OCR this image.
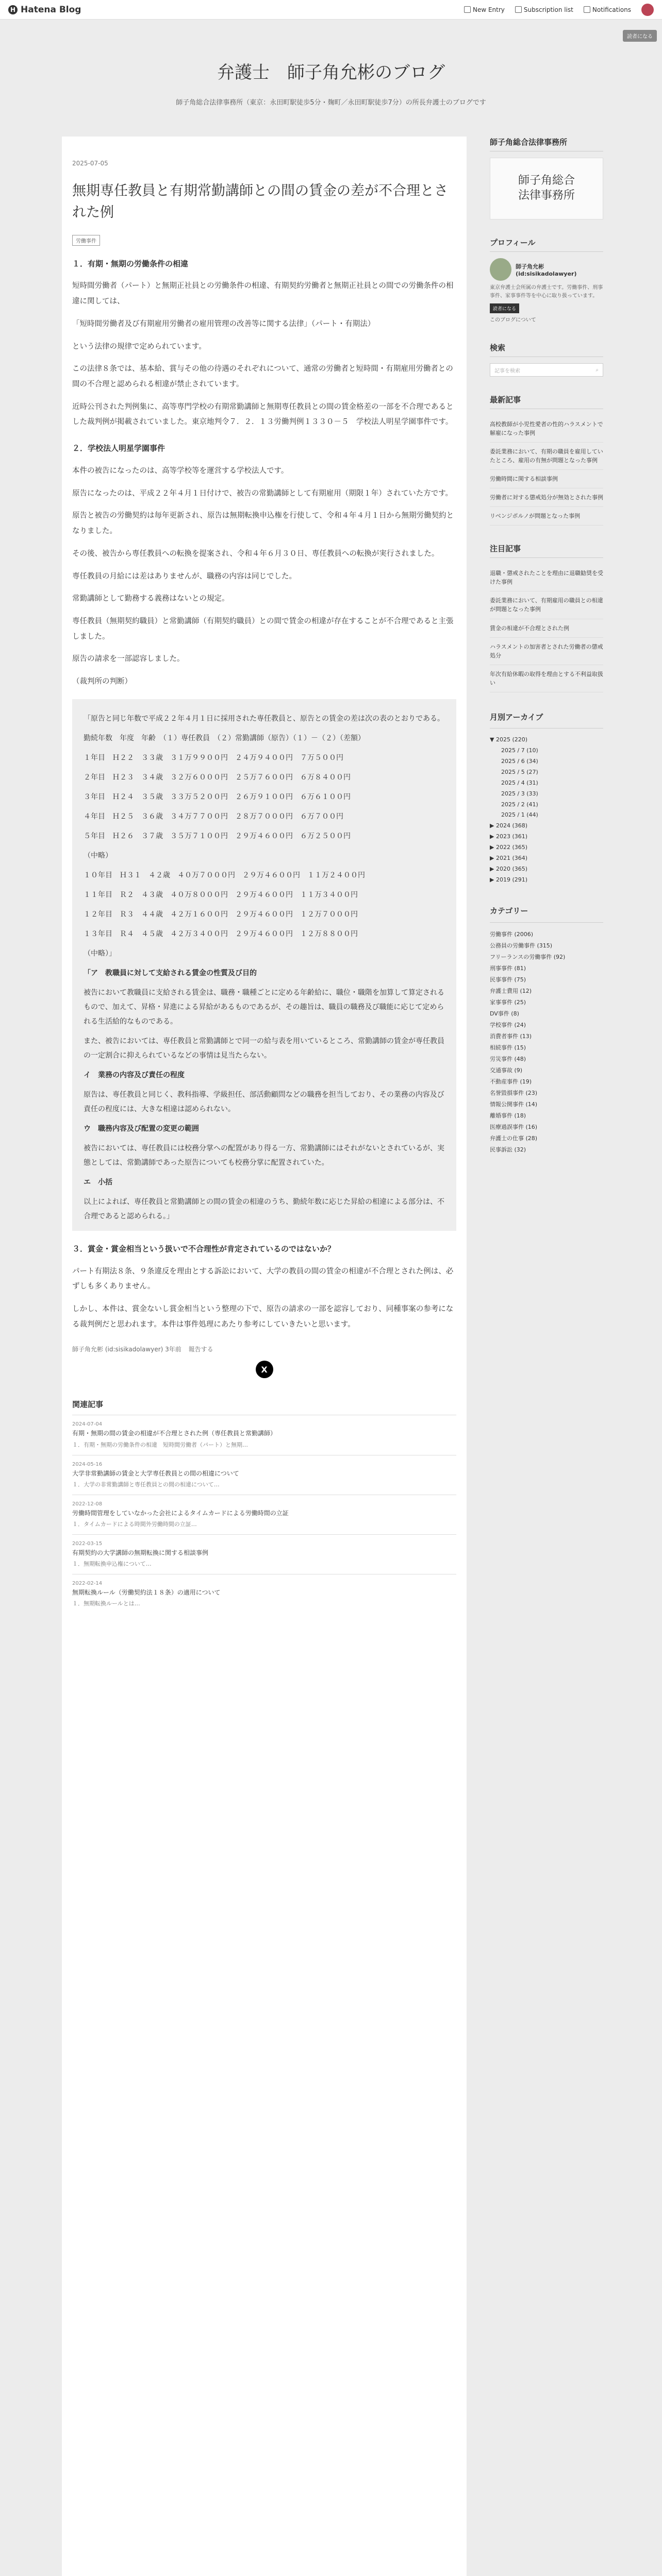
H Hatena Blog	New Entry	Subscription list	Notifications
読者になる
弁護士　師子角允彬のブログ
師子角総合法律事務所（東京：永田町駅徒歩5分・麹町／永田町駅徒歩7分）の所長弁護士のブログです
2025-07-05
無期専任教員と有期常勤講師との間の賃金の差が不合理とされた例
労働事件
１．有期・無期の労働条件の相違

短時間労働者（パート）と無期正社員との労働条件の相違、有期契約労働者と無期正社員との間での労働条件の相違に関しては、

「短時間労働者及び有期雇用労働者の雇用管理の改善等に関する法律」（パート・有期法）

という法律の規律で定められています。

この法律８条では、基本給、賞与その他の待遇のそれぞれについて、通常の労働者と短時間・有期雇用労働者との間の不合理と認められる相違が禁止されています。

近時公刊された判例集に、高等専門学校の有期常勤講師と無期専任教員との間の賃金格差の一部を不合理であるとした裁判例が掲載されていました。東京地判令７．２．１３労働判例１３３０－５　学校法人明星学園事件です。

２．学校法人明星学園事件

本件の被告になったのは、高等学校等を運営する学校法人です。

原告になったのは、平成２２年４月１日付けで、被告の常勤講師として有期雇用（期限１年）されていた方です。

原告と被告の労働契約は毎年更新され、原告は無期転換申込権を行使して、令和４年４月１日から無期労働契約となりました。

その後、被告から専任教員への転換を提案され、令和４年６月３０日、専任教員への転換が実行されました。

専任教員の月給には差はありませんが、職務の内容は同じでした。

常勤講師として勤務する義務はないとの規定。

専任教員（無期契約職員）と常勤講師（有期契約職員）との間で賃金の相違が存在することが不合理であると主張しました。

原告の請求を一部認容しました。

（裁判所の判断）

「原告と同じ年数で平成２２年４月１日に採用された専任教員と、原告との賃金の差は次の表のとおりである。

勤続年数　年度　年齢　（１）専任教員　（２）常勤講師（原告）（１）－（２）（差額）

１年目　Ｈ２２　３３歳　３１万９９００円　２４万９４００円　７万５００円

２年目　Ｈ２３　３４歳　３２万６０００円　２５万７６００円　６万８４００円

３年目　Ｈ２４　３５歳　３３万５２００円　２６万９１００円　６万６１００円

４年目　Ｈ２５　３６歳　３４万７７００円　２８万７０００円　６万７００円

５年目　Ｈ２６　３７歳　３５万７１００円　２９万４６００円　６万２５００円

（中略）

１０年目　Ｈ３１　４２歳　４０万７０００円　２９万４６００円　１１万２４００円

１１年目　Ｒ２　４３歳　４０万８０００円　２９万４６００円　１１万３４００円

１２年目　Ｒ３　４４歳　４２万１６００円　２９万４６００円　１２万７０００円

１３年目　Ｒ４　４５歳　４２万３４００円　２９万４６００円　１２万８８００円

（中略）」

「ア　教職員に対して支給される賃金の性質及び目的

被告において教職員に支給される賃金は、職務・職種ごとに定める年齢給に、職位・職階を加算して算定されるもので、加えて、昇格・昇進による昇給があるものであるが、その趣旨は、職員の職務及び職能に応じて定められる生活給的なものである。

また、被告においては、専任教員と常勤講師とで同一の給与表を用いているところ、常勤講師の賃金が専任教員の一定割合に抑えられているなどの事情は見当たらない。

イ　業務の内容及び責任の程度

原告は、専任教員と同じく、教科指導、学級担任、部活動顧問などの職務を担当しており、その業務の内容及び責任の程度には、大きな相違は認められない。

ウ　職務内容及び配置の変更の範囲

被告においては、専任教員には校務分掌への配置があり得る一方、常勤講師にはそれがないとされているが、実態としては、常勤講師であった原告についても校務分掌に配置されていた。

エ　小括

以上によれば、専任教員と常勤講師との間の賃金の相違のうち、勤続年数に応じた昇給の相違による部分は、不合理であると認められる。」

３．賞金・賞金相当という扱いで不合理性が肯定されているのではないか？

パート有期法８条、９条違反を理由とする訴訟において、大学の教員の間の賃金の相違が不合理とされた例は、必ずしも多くありません。

しかし、本件は、賞金ないし賞金相当という整理の下で、原告の請求の一部を認容しており、同種事案の参考になる裁判例だと思われます。本件は事件処理にあたり参考にしていきたいと思います。

師子角允彬 (id:sisikadolawyer) 3年前 報告する
X
関連記事
2024-07-04
有期・無期の間の賃金の相違が不合理とされた例（専任教員と常勤講師）
１．有期・無期の労働条件の相違　短時間労働者（パート）と無期…
2024-05-16
大学非常勤講師の賃金と大学専任教員との間の相違について
１．大学の非常勤講師と専任教員との間の相違について…
2022-12-08
労働時間管理をしていなかった会社によるタイムカードによる労働時間の立証
１．タイムカードによる時間外労働時間の立証…
2022-03-15
有期契約の大学講師の無期転換に関する相談事例
１．無期転換申込権について…
2022-02-14
無期転換ルール（労働契約法１８条）の適用について
１．無期転換ルールとは…
師子角総合法律事務所
師子角総合
法律事務所
プロフィール
師子角允彬 (id:sisikadolawyer)
東京弁護士会所属の弁護士です。労働事件、刑事事件、家事事件等を中心に取り扱っています。
読者になる
このブログについて
検索
記事を検索	⌕
最新記事
高校教師が小児性愛者の性的ハラスメントで解雇になった事例
委託業務において、有期の職員を雇用していたところ、雇用の有無が問題となった事例
労働時間に関する相談事例
労働者に対する懲戒処分が無効とされた事例
リベンジポルノが問題となった事例
注目記事
退職・懲戒されたことを理由に退職勧奨を受けた事例
委託業務において、有期雇用の職員との相違が問題となった事例
賃金の相違が不合理とされた例
ハラスメントの加害者とされた労働者の懲戒処分
年次有給休暇の取得を理由とする不利益取扱い
月別アーカイブ
▼ 2025 (220)
2025 / 7 (10)
2025 / 6 (34)
2025 / 5 (27)
2025 / 4 (31)
2025 / 3 (33)
2025 / 2 (41)
2025 / 1 (44)
▶ 2024 (368)
▶ 2023 (361)
▶ 2022 (365)
▶ 2021 (364)
▶ 2020 (365)
▶ 2019 (291)
カテゴリー
労働事件 (2006)
公務員の労働事件 (315)
フリーランスの労働事件 (92)
刑事事件 (81)
民事事件 (75)
弁護士費用 (12)
家事事件 (25)
DV事件 (8)
学校事件 (24)
消費者事件 (13)
相続事件 (15)
労災事件 (48)
交通事故 (9)
不動産事件 (19)
名誉毀損事件 (23)
情報公開事件 (14)
離婚事件 (18)
医療過誤事件 (16)
弁護士の仕事 (28)
民事訴訟 (32)
